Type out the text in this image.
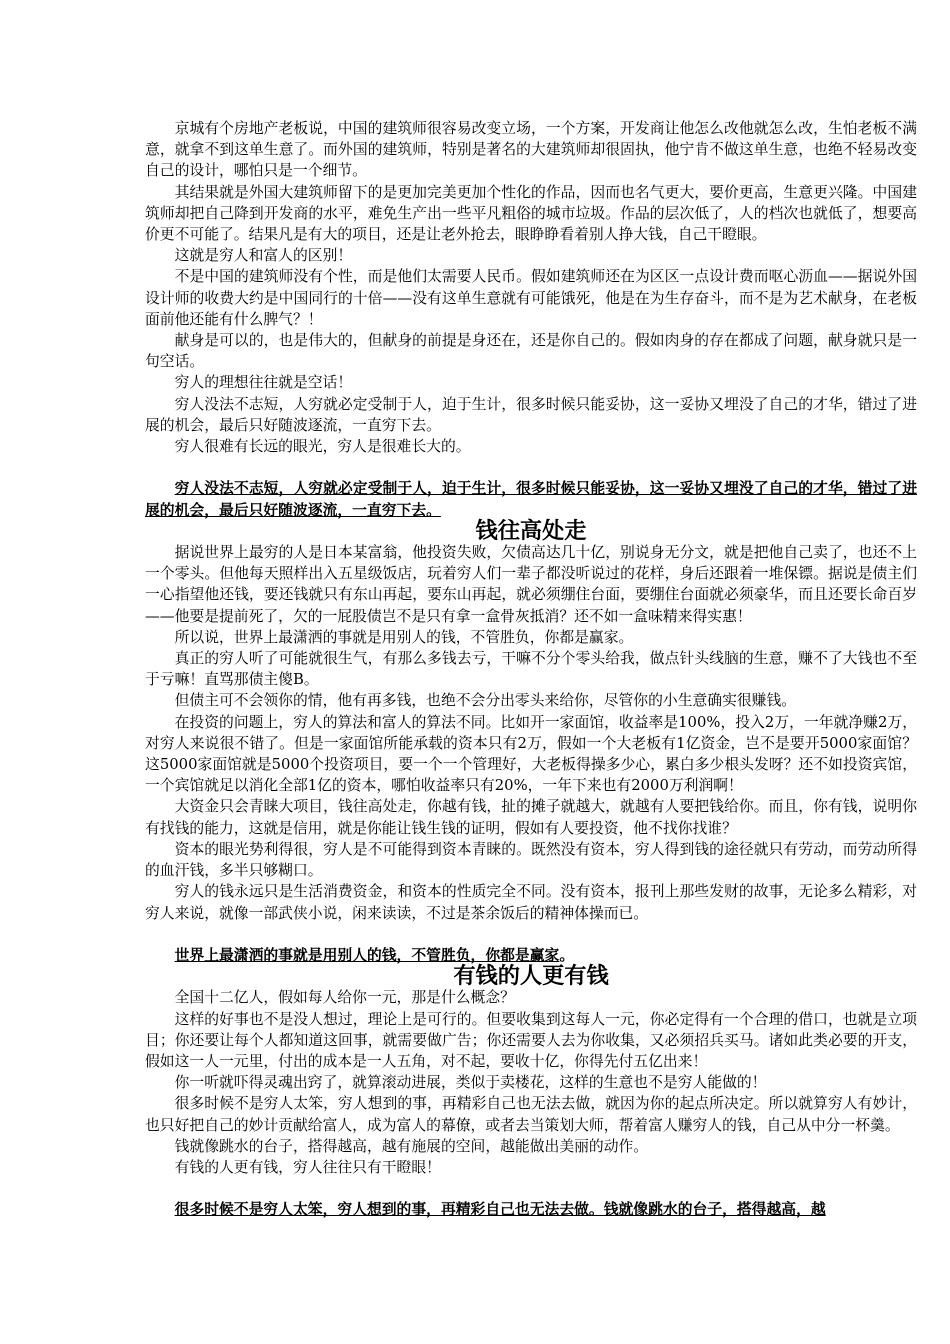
京城有个房地产老板说，中国的建筑师很容易改变立场，一个方案，开发商让他怎么改他就怎么改，生怕老板不满意，就拿不到这单生意了。而外国的建筑师，特别是著名的大建筑师却很固执，他宁肯不做这单生意，也绝不轻易改变自己的设计，哪怕只是一个细节。

其结果就是外国大建筑师留下的是更加完美更加个性化的作品，因而也名气更大，要价更高，生意更兴隆。中国建筑师却把自己降到开发商的水平，难免生产出一些平凡粗俗的城市垃圾。作品的层次低了，人的档次也就低了，想要高价更不可能了。结果凡是有大的项目，还是让老外抢去，眼睁睁看着别人挣大钱，自己干瞪眼。

这就是穷人和富人的区别！

不是中国的建筑师没有个性，而是他们太需要人民币。假如建筑师还在为区区一点设计费而呕心沥血——据说外国设计师的收费大约是中国同行的十倍——没有这单生意就有可能饿死，他是在为生存奋斗，而不是为艺术献身，在老板面前他还能有什么脾气？！

献身是可以的，也是伟大的，但献身的前提是身还在，还是你自己的。假如肉身的存在都成了问题，献身就只是一句空话。

穷人的理想往往就是空话！

穷人没法不志短，人穷就必定受制于人，迫于生计，很多时候只能妥协，这一妥协又埋没了自己的才华，错过了进展的机会，最后只好随波逐流，一直穷下去。

穷人很难有长远的眼光，穷人是很难长大的。

穷人没法不志短，人穷就必定受制于人，迫于生计，很多时候只能妥协，这一妥协又埋没了自己的才华，错过了进展的机会，最后只好随波逐流，一直穷下去。

钱往高处走

据说世界上最穷的人是日本某富翁，他投资失败，欠债高达几十亿，别说身无分文，就是把他自己卖了，也还不上一个零头。但他每天照样出入五星级饭店，玩着穷人们一辈子都没听说过的花样，身后还跟着一堆保镖。据说是债主们一心指望他还钱，要还钱就只有东山再起，要东山再起，就必须绷住台面，要绷住台面就必须豪华，而且还要长命百岁——他要是提前死了，欠的一屁股债岂不是只有拿一盒骨灰抵消？还不如一盒味精来得实惠！

所以说，世界上最潇洒的事就是用别人的钱，不管胜负，你都是赢家。

真正的穷人听了可能就很生气，有那么多钱去亏，干嘛不分个零头给我，做点针头线脑的生意，赚不了大钱也不至于亏嘛！直骂那债主傻B。

但债主可不会领你的情，他有再多钱，也绝不会分出零头来给你，尽管你的小生意确实很赚钱。

在投资的问题上，穷人的算法和富人的算法不同。比如开一家面馆，收益率是100%，投入2万，一年就净赚2万，对穷人来说很不错了。但是一家面馆所能承载的资本只有2万，假如一个大老板有1亿资金，岂不是要开5000家面馆？这5000家面馆就是5000个投资项目，要一个一个管理好，大老板得操多少心，累白多少根头发呀？还不如投资宾馆，一个宾馆就足以消化全部1亿的资本，哪怕收益率只有20%，一年下来也有2000万利润啊！

大资金只会青睐大项目，钱往高处走，你越有钱，扯的摊子就越大，就越有人要把钱给你。而且，你有钱，说明你有找钱的能力，这就是信用，就是你能让钱生钱的证明，假如有人要投资，他不找你找谁？

资本的眼光势利得很，穷人是不可能得到资本青睐的。既然没有资本，穷人得到钱的途径就只有劳动，而劳动所得的血汗钱，多半只够糊口。

穷人的钱永远只是生活消费资金，和资本的性质完全不同。没有资本，报刊上那些发财的故事，无论多么精彩，对穷人来说，就像一部武侠小说，闲来读读，不过是茶余饭后的精神体操而已。

世界上最潇洒的事就是用别人的钱，不管胜负，你都是赢家。

有钱的人更有钱

全国十二亿人，假如每人给你一元，那是什么概念？

这样的好事也不是没人想过，理论上是可行的。但要收集到这每人一元，你必定得有一个合理的借口，也就是立项目；你还要让每个人都知道这回事，就需要做广告；你还需要人去为你收集，又必须招兵买马。诸如此类必要的开支，假如这一人一元里，付出的成本是一人五角，对不起，要收十亿，你得先付五亿出来！

你一听就吓得灵魂出窍了，就算滚动进展，类似于卖楼花，这样的生意也不是穷人能做的！

很多时候不是穷人太笨，穷人想到的事，再精彩自己也无法去做，就因为你的起点所决定。所以就算穷人有妙计，也只好把自己的妙计贡献给富人，成为富人的幕僚，或者去当策划大师，帮着富人赚穷人的钱，自己从中分一杯羹。

钱就像跳水的台子，搭得越高，越有施展的空间，越能做出美丽的动作。

有钱的人更有钱，穷人往往只有干瞪眼！

很多时候不是穷人太笨，穷人想到的事，再精彩自己也无法去做。钱就像跳水的台子，搭得越高，越
